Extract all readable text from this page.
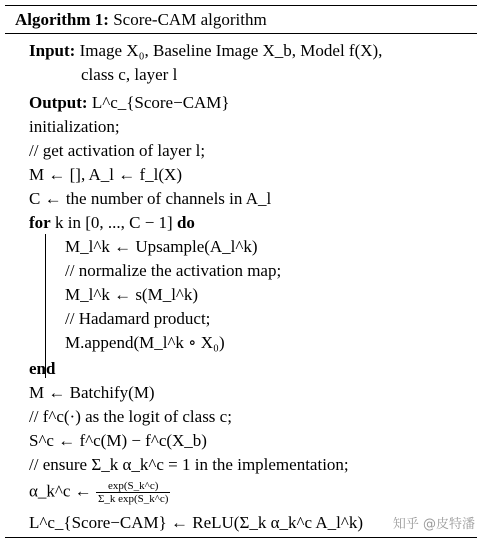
Algorithm 1: Score-CAM algorithm
Input: Image X₀, Baseline Image X_b, Model f(X),
class c, layer l
Output: L^c_{Score−CAM}
initialization;
// get activation of layer l;
M ← [], A_l ← f_l(X)
C ← the number of channels in A_l
for k in [0, ..., C − 1] do
M_l^k ← Upsample(A_l^k)
// normalize the activation map;
M_l^k ← s(M_l^k)
// Hadamard product;
M.append(M_l^k ∘ X₀)
end
M ← Batchify(M)
// f^c(·) as the logit of class c;
S^c ← f^c(M) − f^c(X_b)
// ensure Σ_k α_k^c = 1 in the implementation;
α_k^c ← $\frac{\exp(S\_k\^{}c)}{\text{Σ\_k exp(S\_k\textasciicircum{}c)}}$
L^c_{Score−CAM} ← ReLU(Σ_k α_k^c A_l^k) 知乎 @皮特潘
